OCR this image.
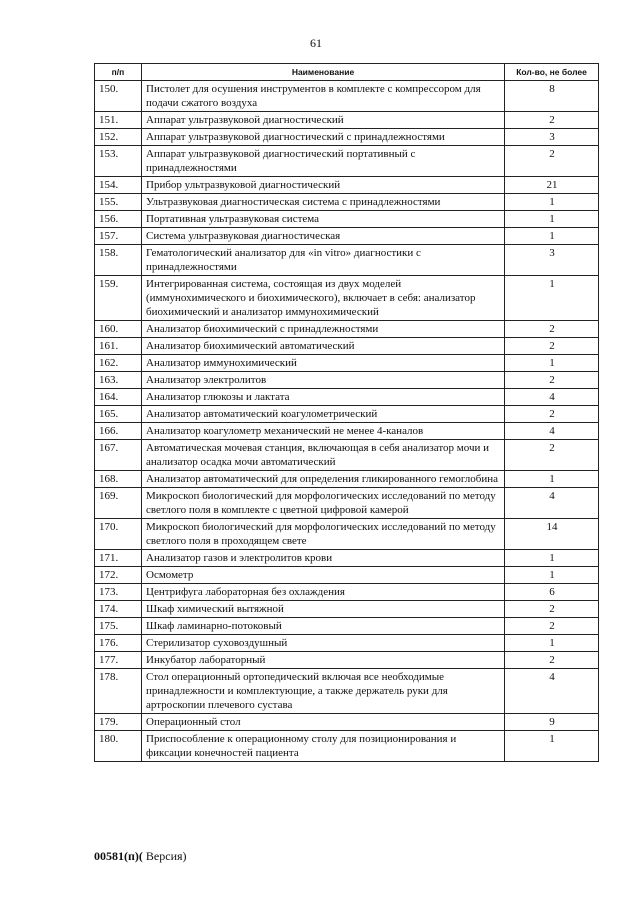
61
п/п	Наименование	Кол-во, не более
150.	Пистолет для осушения инструментов в комплекте с компрессором для подачи сжатого воздуха	8
151.	Аппарат ультразвуковой диагностический	2
152.	Аппарат ультразвуковой диагностический с принадлежностями	3
153.	Аппарат ультразвуковой диагностический портативный с принадлежностями	2
154.	Прибор ультразвуковой диагностический	21
155.	Ультразвуковая диагностическая система с принадлежностями	1
156.	Портативная ультразвуковая система	1
157.	Система ультразвуковая диагностическая	1
158.	Гематологический анализатор для «in vitro» диагностики с принадлежностями	3
159.	Интегрированная система, состоящая из двух моделей (иммунохимического и биохимического), включает в себя: анализатор биохимический и анализатор иммунохимический	1
160.	Анализатор биохимический с принадлежностями	2
161.	Анализатор биохимический автоматический	2
162.	Анализатор иммунохимический	1
163.	Анализатор электролитов	2
164.	Анализатор глюкозы и лактата	4
165.	Анализатор автоматический коагулометрический	2
166.	Анализатор коагулометр механический не менее 4-каналов	4
167.	Автоматическая мочевая станция, включающая в себя анализатор мочи и анализатор осадка мочи автоматический	2
168.	Анализатор автоматический для определения гликированного гемоглобина	1
169.	Микроскоп биологический для морфологических исследований по методу светлого поля в комплекте с цветной цифровой камерой	4
170.	Микроскоп биологический для морфологических исследований по методу светлого поля в проходящем свете	14
171.	Анализатор газов и электролитов крови	1
172.	Осмометр	1
173.	Центрифуга лабораторная без охлаждения	6
174.	Шкаф химический вытяжной	2
175.	Шкаф ламинарно-потоковый	2
176.	Стерилизатор суховоздушный	1
177.	Инкубатор лабораторный	2
178.	Стол операционный ортопедический включая все необходимые принадлежности и комплектующие, а также держатель руки для артроскопии плечевого сустава	4
179.	Операционный стол	9
180.	Приспособление к операционному столу для позиционирования и фиксации конечностей пациента	1
00581(п)( Версия)
